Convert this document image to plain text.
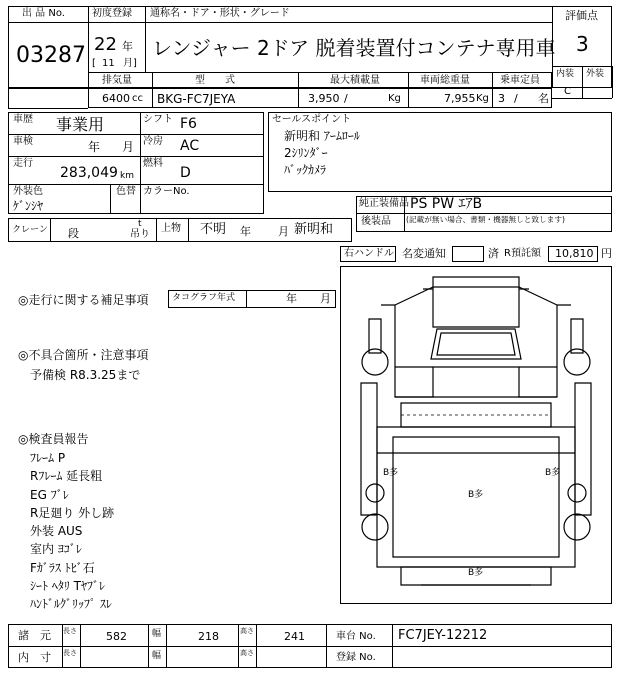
出 品 No.
03287
初度登録
22 年
[ 11 月]
通称名・ドア・形状・グレード
レンジャー 2ドア 脱着装置付コンテナ専用車
評価点
3
内装 外装
C
排気量
6400 cc
型　　式
BKG-FC7JEYA
最大積載量
3,950 /	Kg
車両総重量
7,955 Kg
乗車定員
3 / 名
車歴 事業用	シフト F6
車検	年 月 冷房 AC
走行
283,049 km
燃料
D
外装色
ｹﾞﾝｼﾔ
色替 カラーNo.
セールスポイント
新明和 ｱｰﾑﾛｰﾙ
2ｼﾘﾝﾀﾞｰ
ﾊﾞｯｸｶﾒﾗ
純正装備品 PS PW ｴｱB
後装品 (記載が無い場合、書類・機器無しと致します)
クレーン 段
t
吊り
上物 不明 年 月 新明和
右ハンドル 名変通知	済 R預託額 10,810 円
◎走行に関する補足事項	タコグラフ年式	年 月
◎不具合箇所・注意事項
予備検 R8.3.25まで
◎検査員報告
ﾌﾚｰﾑ P
Rﾌﾚｰﾑ 延長粗
EG ﾌﾞﾚ
R足廻り 外し跡
外装 AUS
室内 ﾖｺﾞﾚ
Fｶﾞﾗｽ ﾄﾋﾞ石
ｼｰﾄ ﾍﾀﾘ Tﾔﾌﾞﾚ
ﾊﾝﾄﾞﾙｸﾞﾘｯﾌﾟ ｽﾚ
B多	B多
B多
B多
諸　元 長さ	582	幅	218	高さ	241	車台 No. FC7JEY-12212
内　寸 長さ	幅	高さ	登録 No.
